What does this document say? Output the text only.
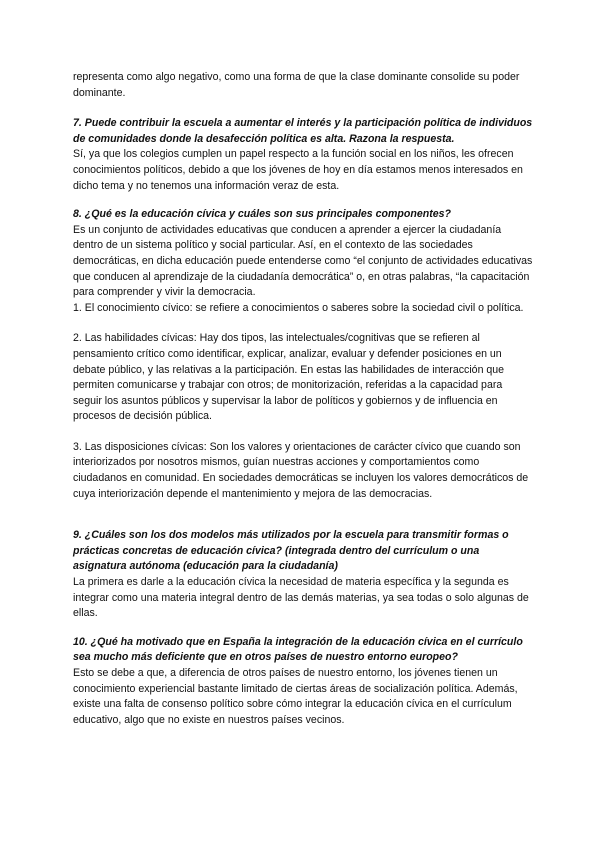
representa como algo negativo, como una forma de que la clase dominante consolide su poder dominante.

7. Puede contribuir la escuela a aumentar el interés y la participación política de individuos de comunidades donde la desafección política es alta. Razona la respuesta.

Sí, ya que los colegios cumplen un papel respecto a la función social en los niños, les ofrecen conocimientos políticos, debido a que los jóvenes de hoy en día estamos menos interesados en dicho tema y no tenemos una información veraz de esta.

8. ¿Qué es la educación cívica y cuáles son sus principales componentes?

Es un conjunto de actividades educativas que conducen a aprender a ejercer la ciudadanía dentro de un sistema político y social particular. Así, en el contexto de las sociedades democráticas, en dicha educación puede entenderse como “el conjunto de actividades educativas que conducen al aprendizaje de la ciudadanía democrática” o, en otras palabras, “la capacitación para comprender y vivir la democracia.

1. El conocimiento cívico: se refiere a conocimientos o saberes sobre la sociedad civil o política.

2. Las habilidades cívicas: Hay dos tipos, las intelectuales/cognitivas que se refieren al pensamiento crítico como identificar, explicar, analizar, evaluar y defender posiciones en un debate público, y las relativas a la participación. En estas las habilidades de interacción que permiten comunicarse y trabajar con otros; de monitorización, referidas a la capacidad para seguir los asuntos públicos y supervisar la labor de políticos y gobiernos y de influencia en procesos de decisión pública.

3. Las disposiciones cívicas: Son los valores y orientaciones de carácter cívico que cuando son interiorizados por nosotros mismos, guían nuestras acciones y comportamientos como ciudadanos en comunidad. En sociedades democráticas se incluyen los valores democráticos de cuya interiorización depende el mantenimiento y mejora de las democracias.

9. ¿Cuáles son los dos modelos más utilizados por la escuela para transmitir formas o prácticas concretas de educación cívica? (integrada dentro del currículum o una asignatura autónoma (educación para la ciudadanía)

La primera es darle a la educación cívica la necesidad de materia específica y la segunda es integrar como una materia integral dentro de las demás materias, ya sea todas o solo algunas de ellas.

10. ¿Qué ha motivado que en España la integración de la educación cívica en el currículo sea mucho más deficiente que en otros países de nuestro entorno europeo?

Esto se debe a que, a diferencia de otros países de nuestro entorno, los jóvenes tienen un conocimiento experiencial bastante limitado de ciertas áreas de socialización política. Además, existe una falta de consenso político sobre cómo integrar la educación cívica en el currículum educativo, algo que no existe en nuestros países vecinos.
